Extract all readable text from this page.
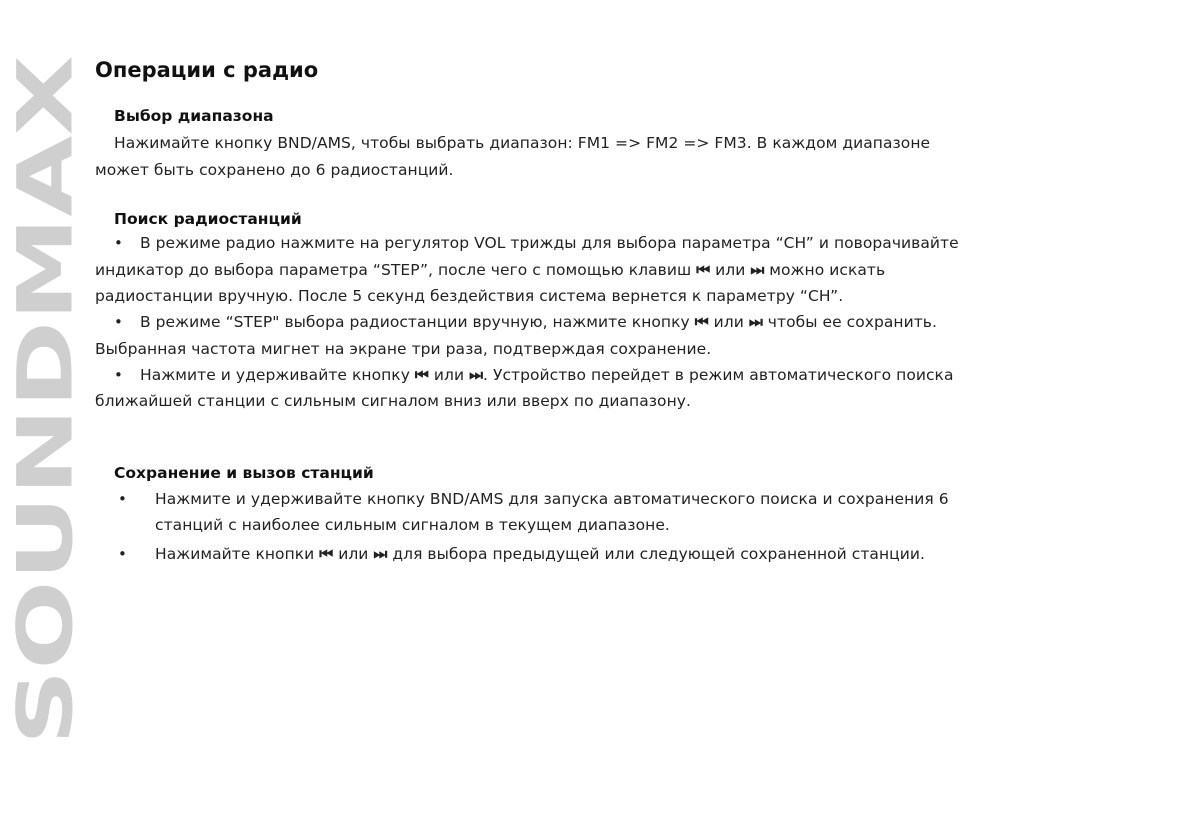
SOUNDMAX
Операции с радио
Выбор диапазона
Нажимайте кнопку BND/AMS, чтобы выбрать диапазон: FM1 => FM2 => FM3. В каждом диапазоне
может быть сохранено до 6 радиостанций.
Поиск радиостанций
• В режиме радио нажмите на регулятор VOL трижды для выбора параметра “CH” и поворачивайте
индикатор до выбора параметра “STEP”, после чего с помощью клавиш ⏮ или ⏭ можно искать
радиостанции вручную. После 5 секунд бездействия система вернется к параметру “CH”.
• В режиме “STEP" выбора радиостанции вручную, нажмите кнопку ⏮ или ⏭ чтобы ее сохранить.
Выбранная частота мигнет на экране три раза, подтверждая сохранение.
• Нажмите и удерживайте кнопку ⏮ или ⏭ . Устройство перейдет в режим автоматического поиска
ближайшей станции с сильным сигналом вниз или вверх по диапазону.
Сохранение и вызов станций
• Нажмите и удерживайте кнопку BND/AMS для запуска автоматического поиска и сохранения 6
станций с наиболее сильным сигналом в текущем диапазоне.
• Нажимайте кнопки ⏮ или ⏭ для выбора предыдущей или следующей сохраненной станции.
